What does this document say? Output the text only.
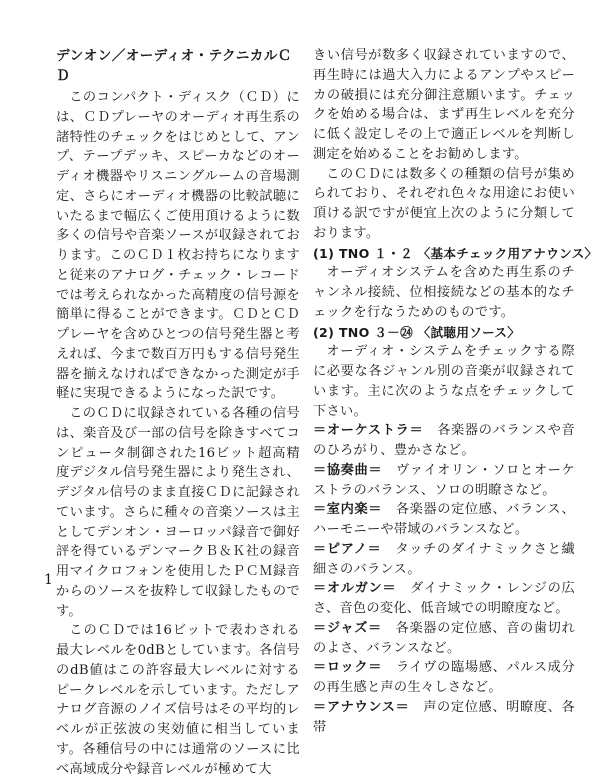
デンオン／オーディオ・テクニカルＣＤ

このコンパクト・ディスク（ＣＤ）には、ＣＤプレーヤのオーディオ再生系の諸特性のチェックをはじめとして、アンプ、テープデッキ、スピーカなどのオーディオ機器やリスニングルームの音場測定、さらにオーディオ機器の比較試聴にいたるまで幅広くご使用頂けるように数多くの信号や音楽ソースが収録されております。このＣＤ１枚お持ちになりますと従来のアナログ・チェック・レコードでは考えられなかった高精度の信号源を簡単に得ることができます。ＣＤとＣＤプレーヤを含めひとつの信号発生器と考えれば、今まで数百万円もする信号発生器を揃えなければできなかった測定が手軽に実現できるようになった訳です。

このＣＤに収録されている各種の信号は、楽音及び一部の信号を除きすべてコンピュータ制御された16ビット超高精度デジタル信号発生器により発生され、デジタル信号のまま直接ＣＤに記録されています。さらに種々の音楽ソースは主としてデンオン・ヨーロッパ録音で御好評を得ているデンマークＢ＆Ｋ社の録音用マイクロフォンを使用したＰＣＭ録音からのソースを抜粋して収録したものです。

このＣＤでは16ビットで表わされる最大レベルを0dBとしています。各信号のdB値はこの許容最大レベルに対するピークレベルを示しています。ただしアナログ音源のノイズ信号はその平均的レベルが正弦波の実効値に相当しています。各種信号の中には通常のソースに比べ高域成分や録音レベルが極めて大

きい信号が数多く収録されていますので、再生時には過大入力によるアンプやスピーカの破損には充分御注意願います。チェックを始める場合は、まず再生レベルを充分に低く設定しその上で適正レベルを判断し測定を始めることをお勧めします。

このＣＤには数多くの種類の信号が集められており、それぞれ色々な用途にお使い頂ける訳ですが便宜上次のように分類しております。

(1) TNO １・２ 〈基本チェック用アナウンス〉

オーディオシステムを含めた再生系のチャンネル接続、位相接続などの基本的なチェックを行なうためのものです。

(2) TNO ３－㉔ 〈試聴用ソース〉

オーディオ・システムをチェックする際に必要な各ジャンル別の音楽が収録されています。主に次のような点をチェックして下さい。

＝オーケストラ＝　 各楽器のバランスや音のひろがり、豊かさなど。

＝協奏曲＝　 ヴァイオリン・ソロとオーケストラのバランス、ソロの明瞭さなど。

＝室内楽＝　 各楽器の定位感、バランス、ハーモニーや帯域のバランスなど。

＝ピアノ＝　 タッチのダイナミックさと繊細さのバランス。

＝オルガン＝　 ダイナミック・レンジの広さ、音色の変化、低音域での明瞭度など。

＝ジャズ＝　 各楽器の定位感、音の歯切れのよさ、バランスなど。

＝ロック＝　 ライヴの臨場感、パルス成分の再生感と声の生々しさなど。

＝アナウンス＝　 声の定位感、明瞭度、各帯

1
